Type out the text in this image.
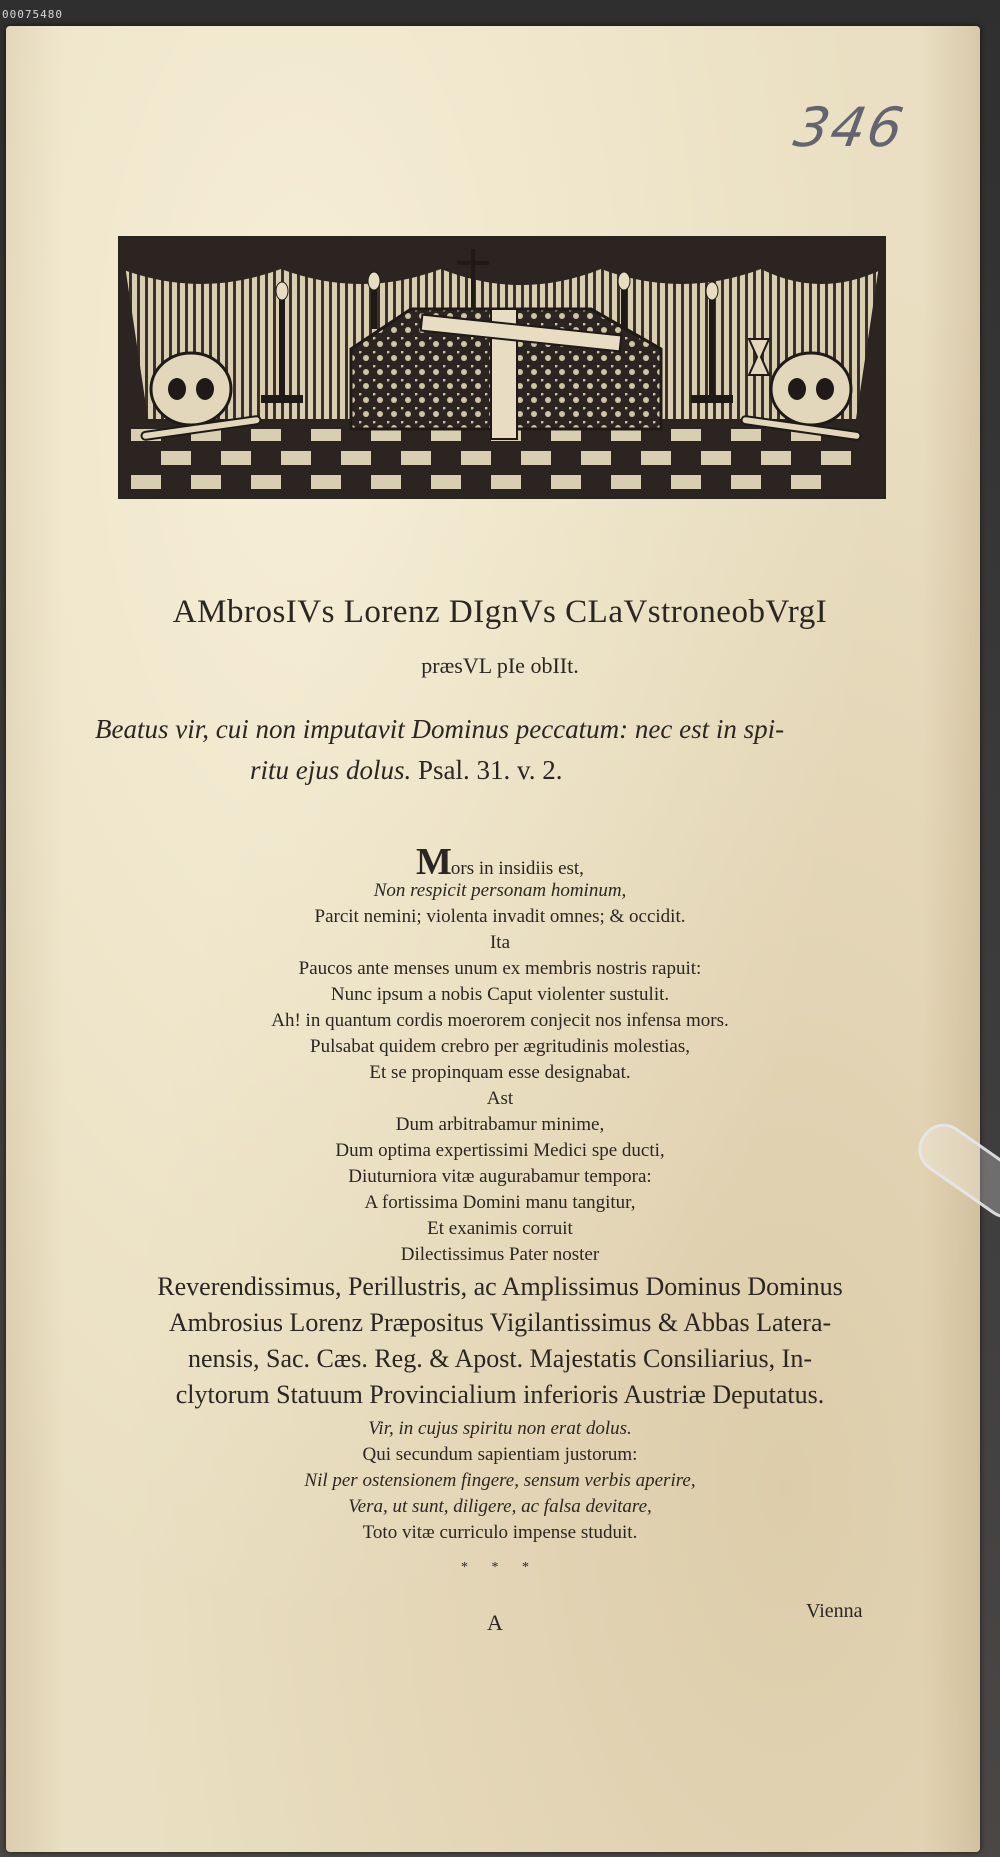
00075480
346
AMbrosIVs Lorenz DIgnVs CLaVstroneobVrgI
præsVL pIe obIIt.
Beatus vir, cui non imputavit Dominus peccatum: nec est in spi-
ritu ejus dolus. Psal. 31. v. 2.
Mors in insidiis est,
Non respicit personam hominum,
Parcit nemini; violenta invadit omnes; & occidit.
Ita
Paucos ante menses unum ex membris nostris rapuit:
Nunc ipsum a nobis Caput violenter sustulit.
Ah! in quantum cordis moerorem conjecit nos infensa mors.
Pulsabat quidem crebro per ægritudinis molestias,
Et se propinquam esse designabat.
Ast
Dum arbitrabamur minime,
Dum optima expertissimi Medici spe ducti,
Diuturniora vitæ augurabamur tempora:
A fortissima Domini manu tangitur,
Et exanimis corruit
Dilectissimus Pater noster
Reverendissimus, Perillustris, ac Amplissimus Dominus Dominus
Ambrosius Lorenz Præpositus Vigilantissimus & Abbas Latera-
nensis, Sac. Cæs. Reg. & Apost. Majestatis Consiliarius, In-
clytorum Statuum Provincialium inferioris Austriæ Deputatus.
Vir, in cujus spiritu non erat dolus.
Qui secundum sapientiam justorum:
Nil per ostensionem fingere, sensum verbis aperire,
Vera, ut sunt, diligere, ac falsa devitare,
Toto vitæ curriculo impense studuit.
* * *
A	Vienna
